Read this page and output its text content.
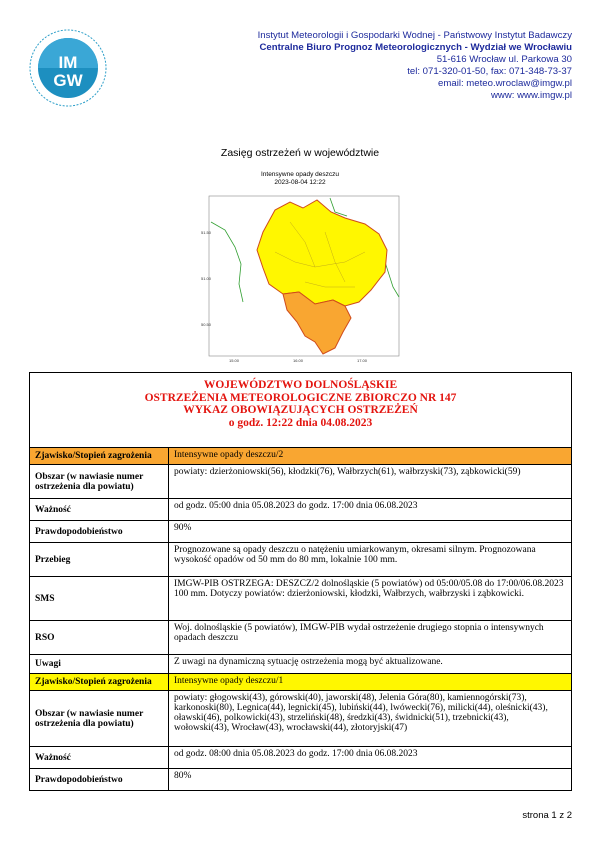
IM
GW
Instytut Meteorologii i Gospodarki Wodnej - Państwowy Instytut Badawczy
Centralne Biuro Prognoz Meteorologicznych - Wydział we Wrocławiu
51-616 Wrocław ul. Parkowa 30
tel: 071-320-01-50, fax: 071-348-73-37
email: meteo.wroclaw@imgw.pl
www: www.imgw.pl
Zasięg ostrzeżeń w województwie
Intensywne opady deszczu
2023-08-04 12:22
51.50
51.00
50.50
15.00	16.00	17.00
WOJEWÓDZTWO DOLNOŚLĄSKIE
OSTRZEŻENIA METEOROLOGICZNE ZBIORCZO NR 147
WYKAZ OBOWIĄZUJĄCYCH OSTRZEŻEŃ
o godz. 12:22 dnia 04.08.2023	

Zjawisko/Stopień zagrożenia	Intensywne opady deszczu/2
Obszar (w nawiasie numer ostrzeżenia dla powiatu)	powiaty: dzierżoniowski(56), kłodzki(76), Wałbrzych(61), wałbrzyski(73), ząbkowicki(59)
Ważność	od godz. 05:00 dnia 05.08.2023 do godz. 17:00 dnia 06.08.2023
Prawdopodobieństwo	90%
Przebieg	Prognozowane są opady deszczu o natężeniu umiarkowanym, okresami silnym. Prognozowana wysokość opadów od 50 mm do 80 mm, lokalnie 100 mm.
SMS	IMGW-PIB OSTRZEGA: DESZCZ/2 dolnośląskie (5 powiatów) od 05:00/05.08 do 17:00/06.08.2023 100 mm. Dotyczy powiatów: dzierżoniowski, kłodzki, Wałbrzych, wałbrzyski i ząbkowicki.
RSO	Woj. dolnośląskie (5 powiatów), IMGW-PIB wydał ostrzeżenie drugiego stopnia o intensywnych opadach deszczu
Uwagi	Z uwagi na dynamiczną sytuację ostrzeżenia mogą być aktualizowane.
Zjawisko/Stopień zagrożenia	Intensywne opady deszczu/1
Obszar (w nawiasie numer ostrzeżenia dla powiatu)	powiaty: głogowski(43), górowski(40), jaworski(48), Jelenia Góra(80), kamiennogórski(73), karkonoski(80), Legnica(44), legnicki(45), lubiński(44), lwówecki(76), milicki(44), oleśnicki(43), oławski(46), polkowicki(43), strzeliński(48), średzki(43), świdnicki(51), trzebnicki(43), wołowski(43), Wrocław(43), wrocławski(44), złotoryjski(47)
Ważność	od godz. 08:00 dnia 05.08.2023 do godz. 17:00 dnia 06.08.2023
Prawdopodobieństwo	80%
strona 1 z 2
